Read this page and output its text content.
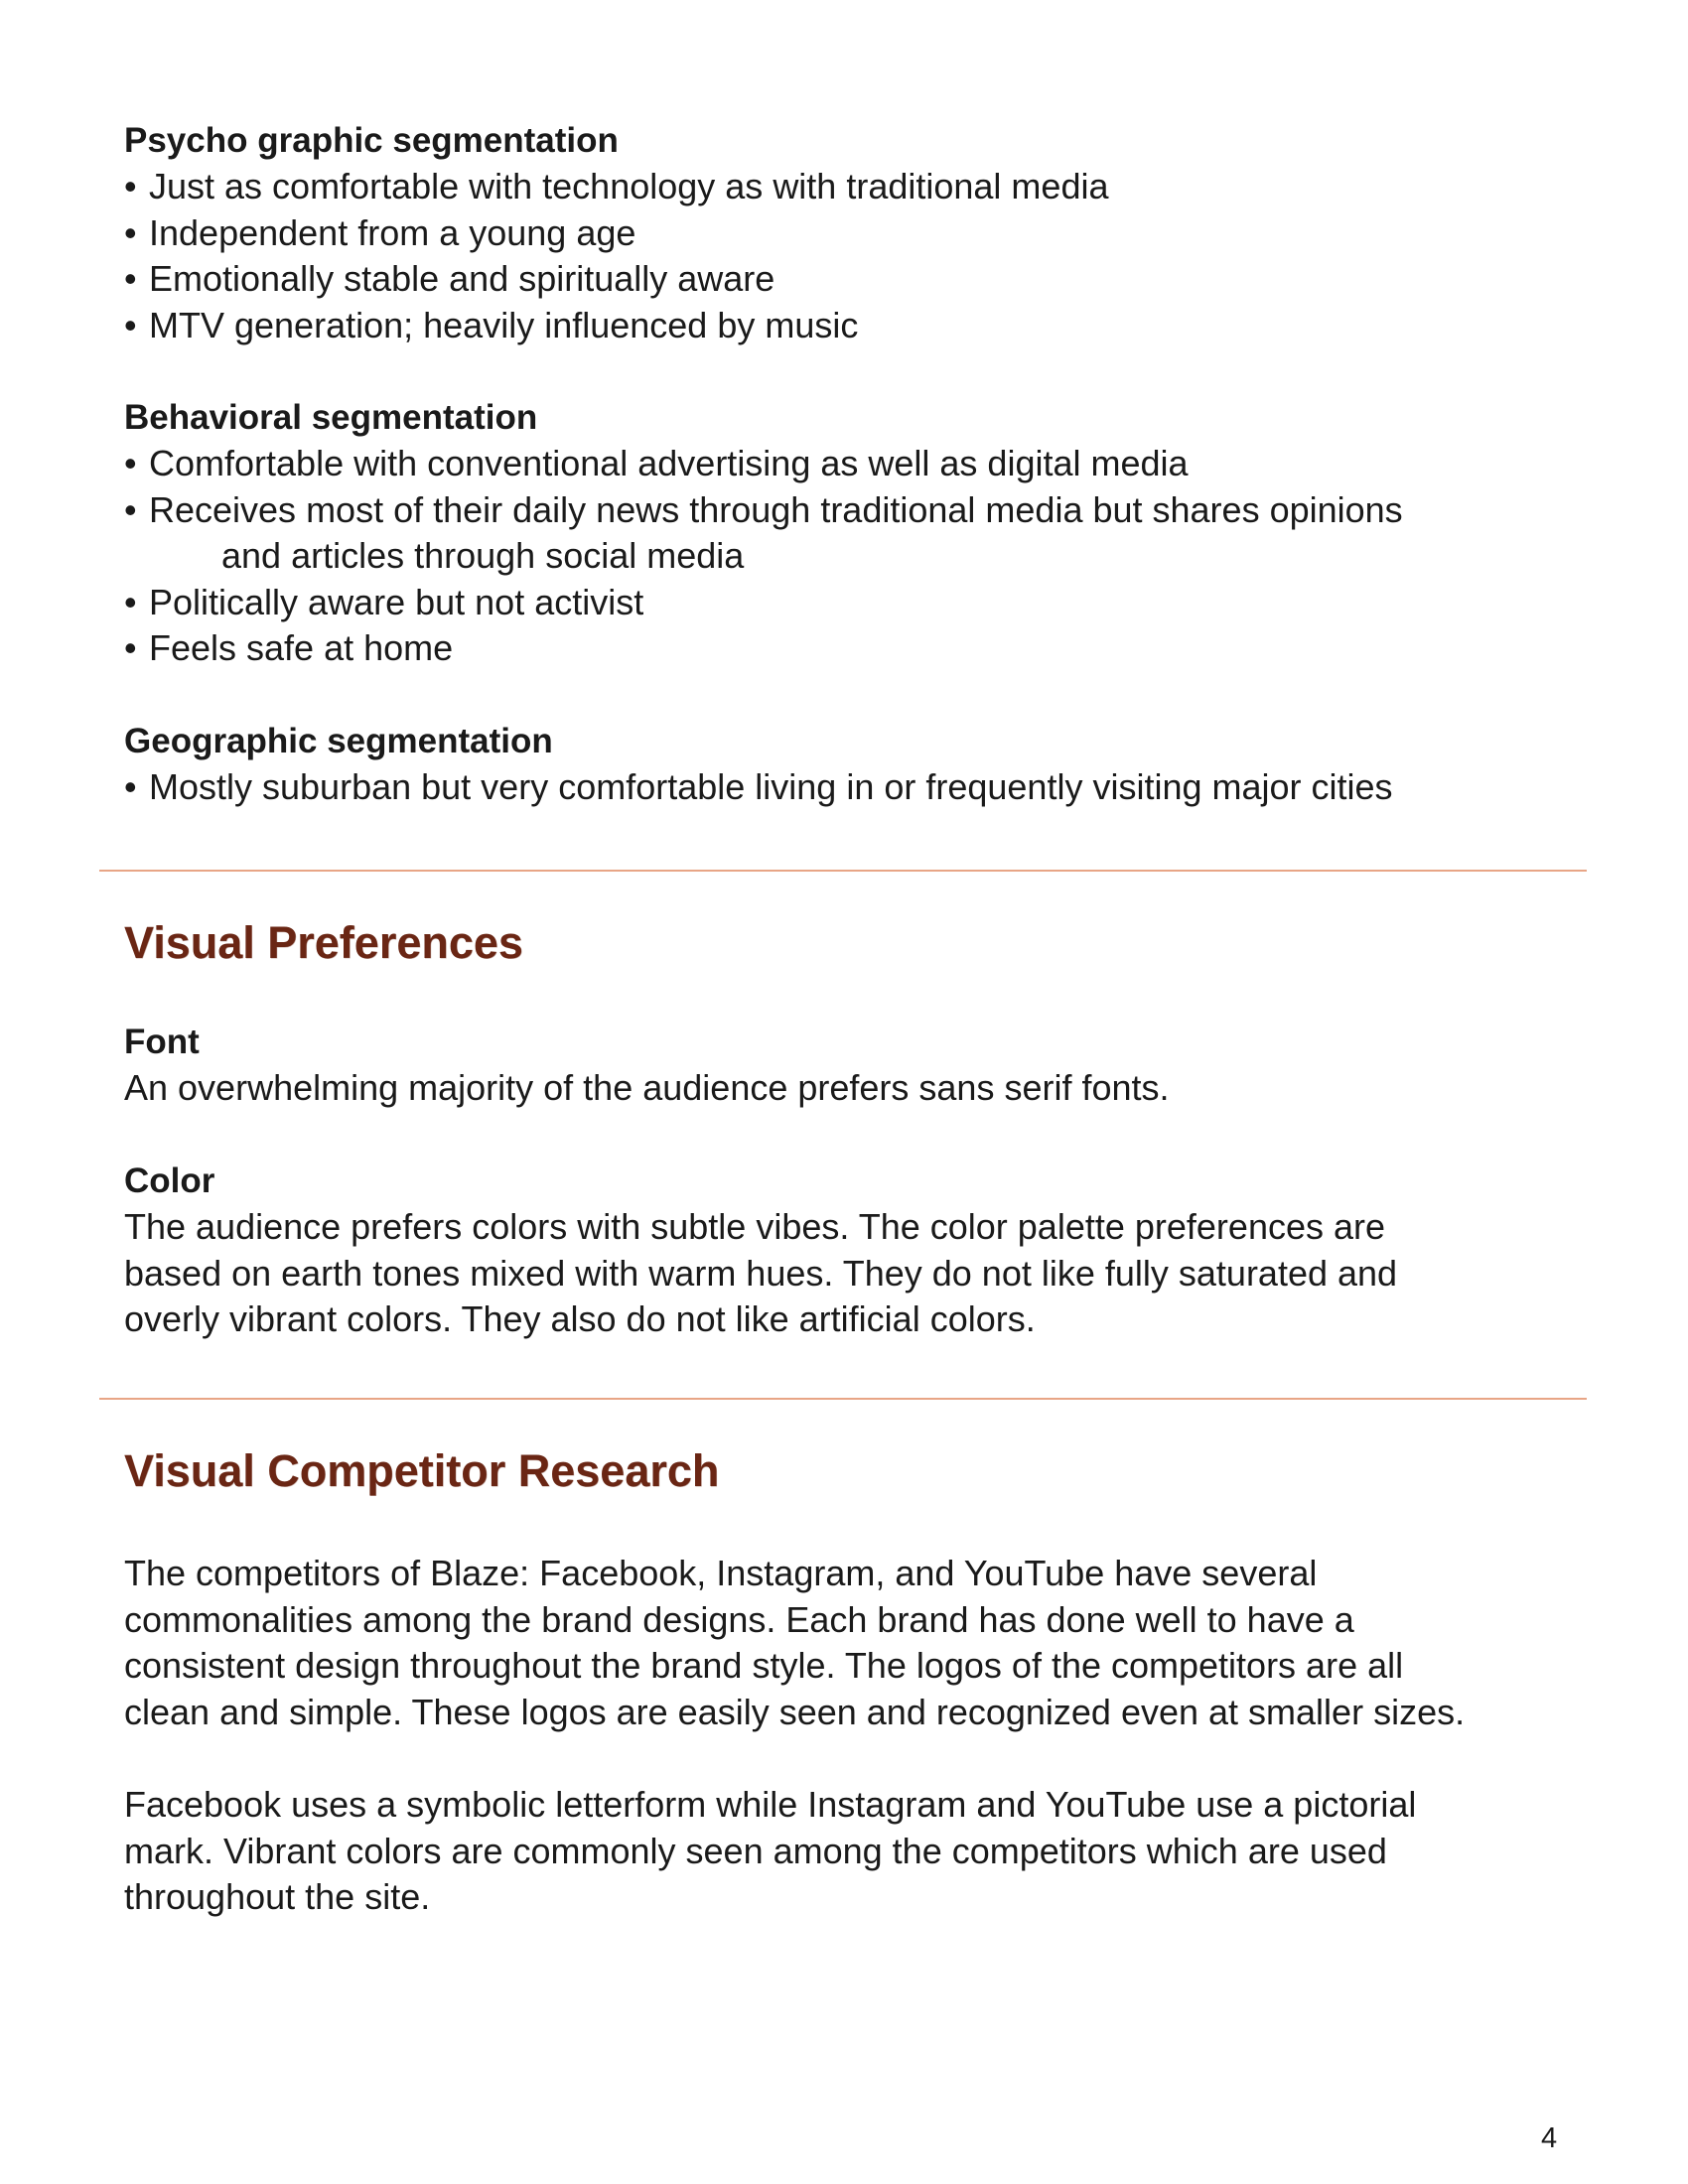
Psycho graphic segmentation
• Just as comfortable with technology as with traditional media
• Independent from a young age
• Emotionally stable and spiritually aware
• MTV generation; heavily influenced by music
Behavioral segmentation
• Comfortable with conventional advertising as well as digital media
• Receives most of their daily news through traditional media but shares opinions
and articles through social media
• Politically aware but not activist
• Feels safe at home
Geographic segmentation
• Mostly suburban but very comfortable living in or frequently visiting major cities
Visual Preferences
Font

An overwhelming majority of the audience prefers sans serif fonts.

Color

The audience prefers colors with subtle vibes. The color palette preferences are

based on earth tones mixed with warm hues. They do not like fully saturated and

overly vibrant colors. They also do not like artificial colors.

Visual Competitor Research

The competitors of Blaze: Facebook, Instagram, and YouTube have several

commonalities among the brand designs. Each brand has done well to have a

consistent design throughout the brand style. The logos of the competitors are all

clean and simple. These logos are easily seen and recognized even at smaller sizes.

Facebook uses a symbolic letterform while Instagram and YouTube use a pictorial

mark. Vibrant colors are commonly seen among the competitors which are used

throughout the site.

4
